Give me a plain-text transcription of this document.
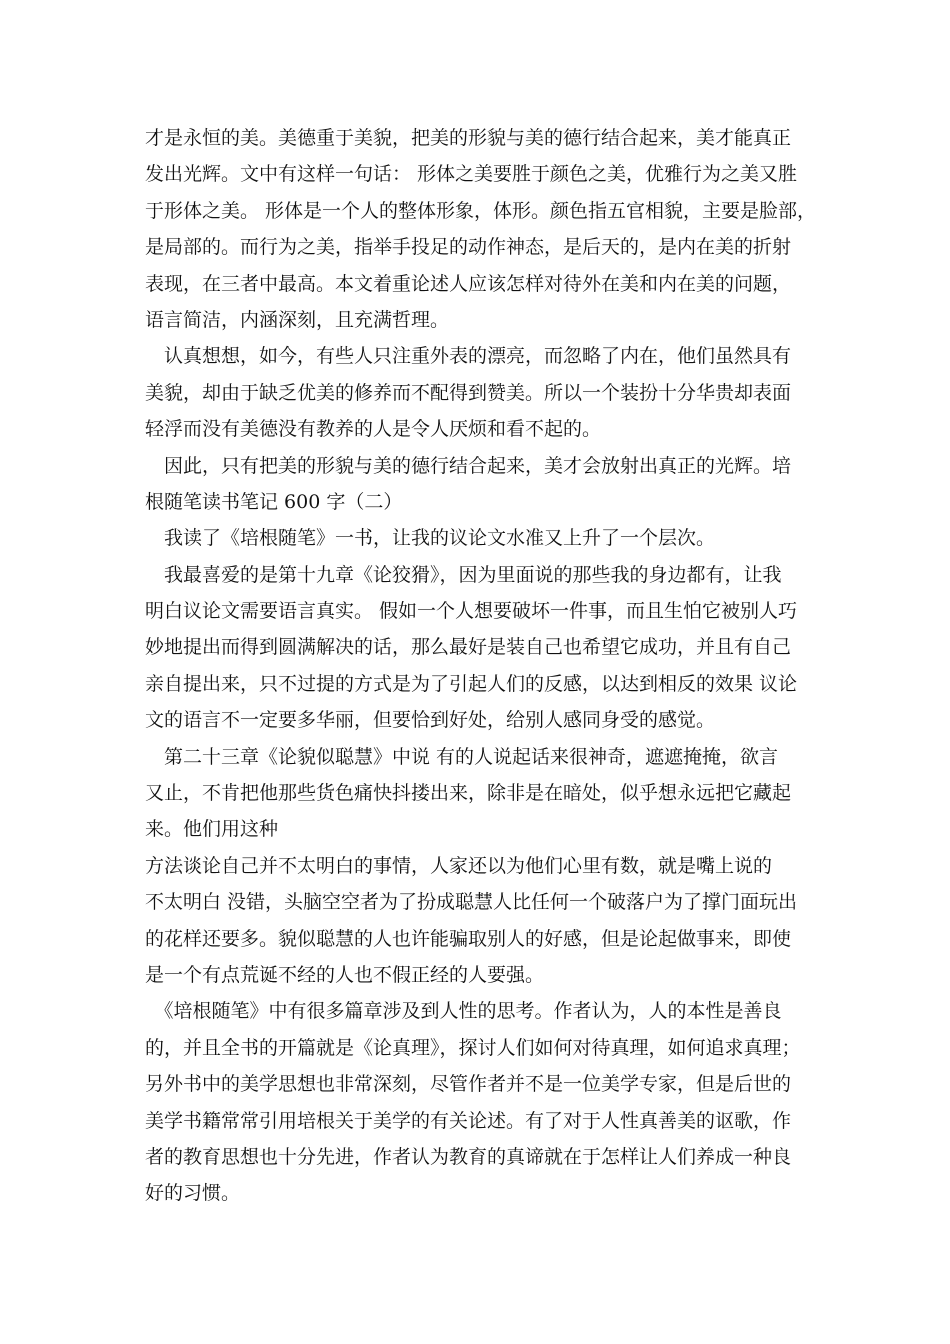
才是永恒的美。美德重于美貌，把美的形貌与美的德行结合起来，美才能真正
发出光辉。文中有这样一句话： 形体之美要胜于颜色之美，优雅行为之美又胜
于形体之美。 形体是一个人的整体形象，体形。颜色指五官相貌，主要是脸部，
是局部的。而行为之美，指举手投足的动作神态，是后天的，是内在美的折射
表现，在三者中最高。本文着重论述人应该怎样对待外在美和内在美的问题，
语言简洁，内涵深刻，且充满哲理。
　认真想想，如今，有些人只注重外表的漂亮，而忽略了内在，他们虽然具有
美貌，却由于缺乏优美的修养而不配得到赞美。所以一个装扮十分华贵却表面
轻浮而没有美德没有教养的人是令人厌烦和看不起的。
　因此，只有把美的形貌与美的德行结合起来，美才会放射出真正的光辉。培
根随笔读书笔记 600 字（二）
　我读了《培根随笔》一书，让我的议论文水准又上升了一个层次。
　我最喜爱的是第十九章《论狡猾》，因为里面说的那些我的身边都有，让我
明白议论文需要语言真实。 假如一个人想要破坏一件事，而且生怕它被别人巧
妙地提出而得到圆满解决的话，那么最好是装自己也希望它成功，并且有自己
亲自提出来，只不过提的方式是为了引起人们的反感，以达到相反的效果 议论
文的语言不一定要多华丽，但要恰到好处，给别人感同身受的感觉。
　第二十三章《论貌似聪慧》中说 有的人说起话来很神奇，遮遮掩掩，欲言
又止，不肯把他那些货色痛快抖搂出来，除非是在暗处，似乎想永远把它藏起
来。他们用这种
方法谈论自己并不太明白的事情，人家还以为他们心里有数，就是嘴上说的
不太明白 没错，头脑空空者为了扮成聪慧人比任何一个破落户为了撑门面玩出
的花样还要多。貌似聪慧的人也许能骗取别人的好感，但是论起做事来，即使
是一个有点荒诞不经的人也不假正经的人要强。
　《培根随笔》中有很多篇章涉及到人性的思考。作者认为，人的本性是善良
的，并且全书的开篇就是《论真理》，探讨人们如何对待真理，如何追求真理；
另外书中的美学思想也非常深刻，尽管作者并不是一位美学专家，但是后世的
美学书籍常常引用培根关于美学的有关论述。有了对于人性真善美的讴歌，作
者的教育思想也十分先进，作者认为教育的真谛就在于怎样让人们养成一种良
好的习惯。
